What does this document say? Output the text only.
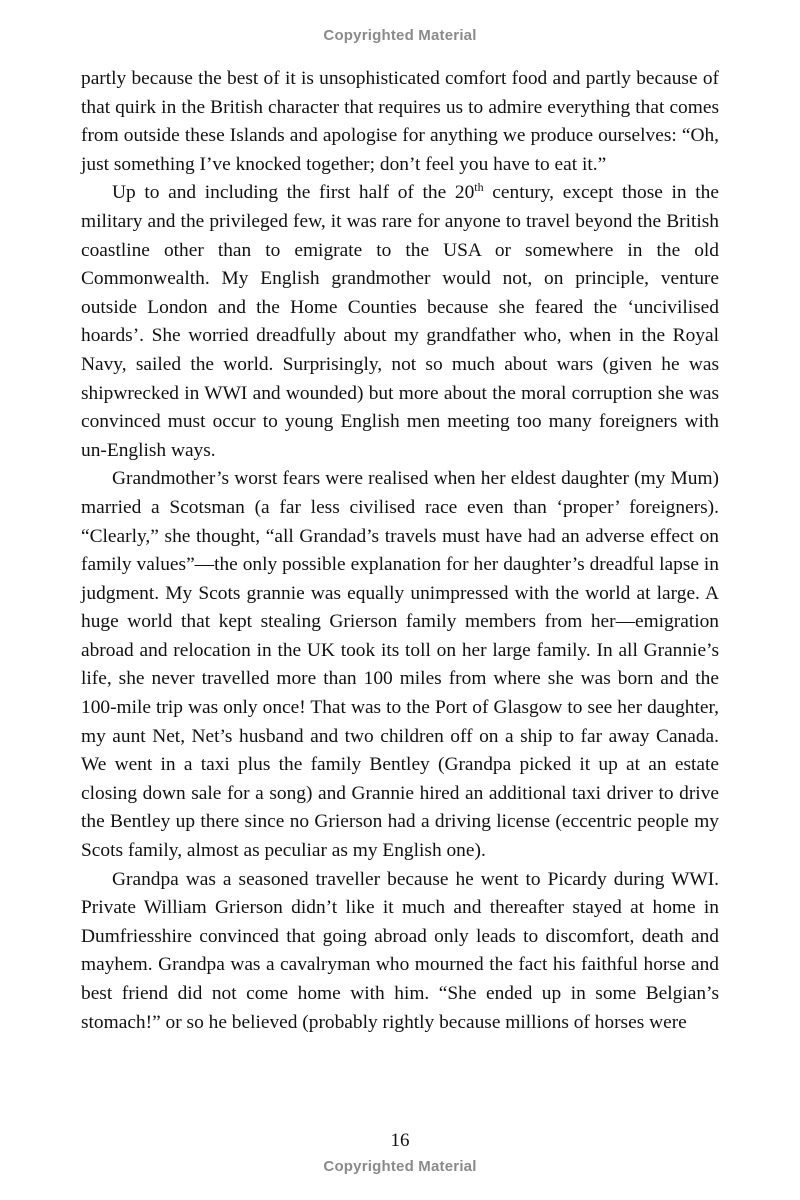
Copyrighted Material

partly because the best of it is unsophisticated comfort food and partly because of that quirk in the British character that requires us to admire everything that comes from outside these Islands and apologise for anything we produce ourselves: “Oh, just something I’ve knocked together; don’t feel you have to eat it.”

Up to and including the first half of the 20th century, except those in the military and the privileged few, it was rare for anyone to travel beyond the British coastline other than to emigrate to the USA or somewhere in the old Commonwealth. My English grandmother would not, on principle, venture outside London and the Home Counties because she feared the ‘uncivilised hoards’. She worried dreadfully about my grandfather who, when in the Royal Navy, sailed the world. Surprisingly, not so much about wars (given he was shipwrecked in WWI and wounded) but more about the moral corruption she was convinced must occur to young English men meeting too many foreigners with un-English ways.

Grandmother’s worst fears were realised when her eldest daughter (my Mum) married a Scotsman (a far less civilised race even than ‘proper’ foreigners). “Clearly,” she thought, “all Grandad’s travels must have had an adverse effect on family values”—the only possible explanation for her daughter’s dreadful lapse in judgment. My Scots grannie was equally unimpressed with the world at large. A huge world that kept stealing Grierson family members from her—emigration abroad and relocation in the UK took its toll on her large family. In all Grannie’s life, she never travelled more than 100 miles from where she was born and the 100-mile trip was only once! That was to the Port of Glasgow to see her daughter, my aunt Net, Net’s husband and two children off on a ship to far away Canada. We went in a taxi plus the family Bentley (Grandpa picked it up at an estate closing down sale for a song) and Grannie hired an additional taxi driver to drive the Bentley up there since no Grierson had a driving license (eccentric people my Scots family, almost as peculiar as my English one).

Grandpa was a seasoned traveller because he went to Picardy during WWI. Private William Grierson didn’t like it much and thereafter stayed at home in Dumfriesshire convinced that going abroad only leads to discomfort, death and mayhem. Grandpa was a cavalryman who mourned the fact his faithful horse and best friend did not come home with him. “She ended up in some Belgian’s stomach!” or so he believed (probably rightly because millions of horses were

16
Copyrighted Material
